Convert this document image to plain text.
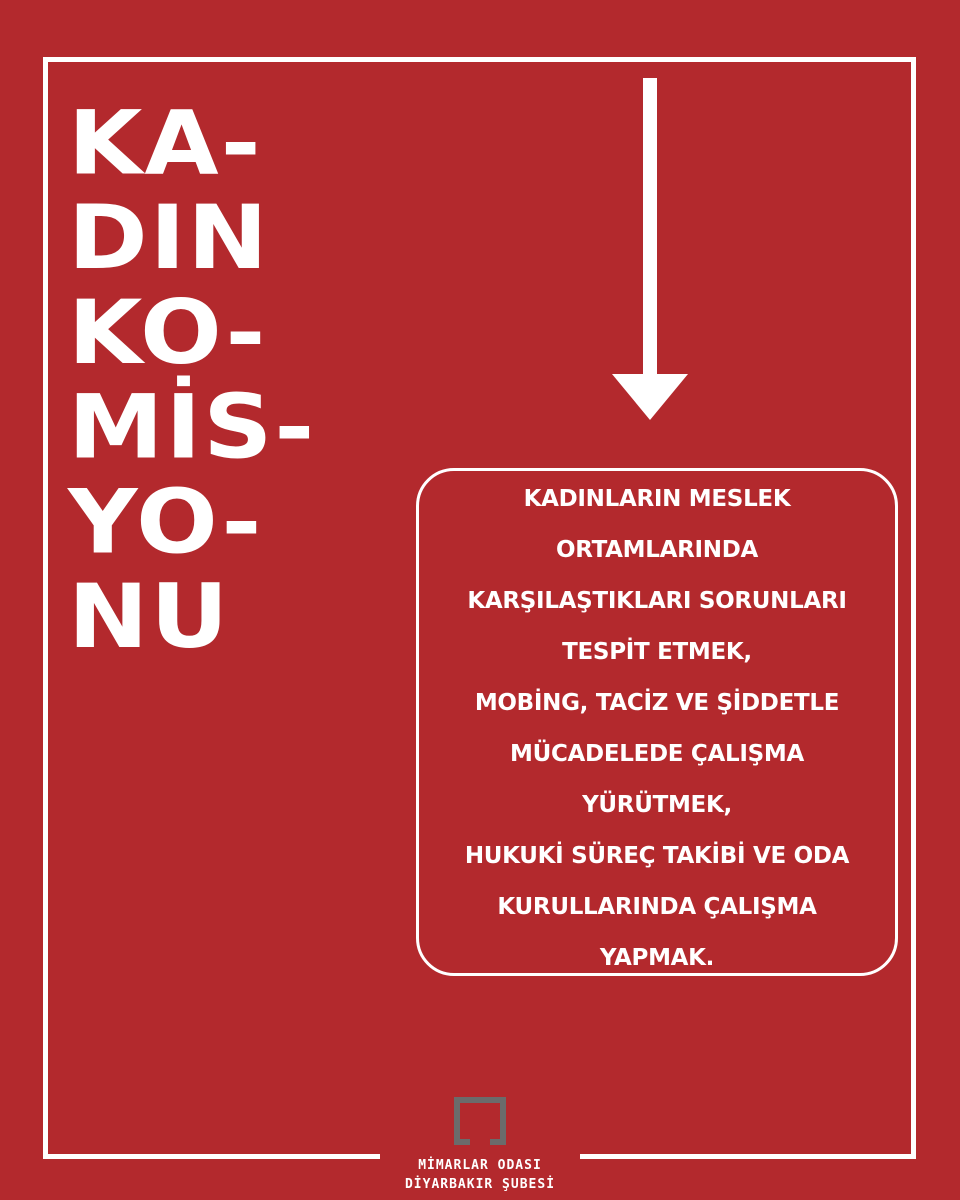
KA-
DIN
KO-
MİS-
YO-
NU
KADINLARIN MESLEK
ORTAMLARINDA
KARŞILAŞTIKLARI SORUNLARI
TESPİT ETMEK,
MOBİNG, TACİZ VE ŞİDDETLE
MÜCADELEDE ÇALIŞMA
YÜRÜTMEK,
HUKUKİ SÜREÇ TAKİBİ VE ODA
KURULLARINDA ÇALIŞMA
YAPMAK.
MİMARLAR ODASI
DİYARBAKIR ŞUBESİ
